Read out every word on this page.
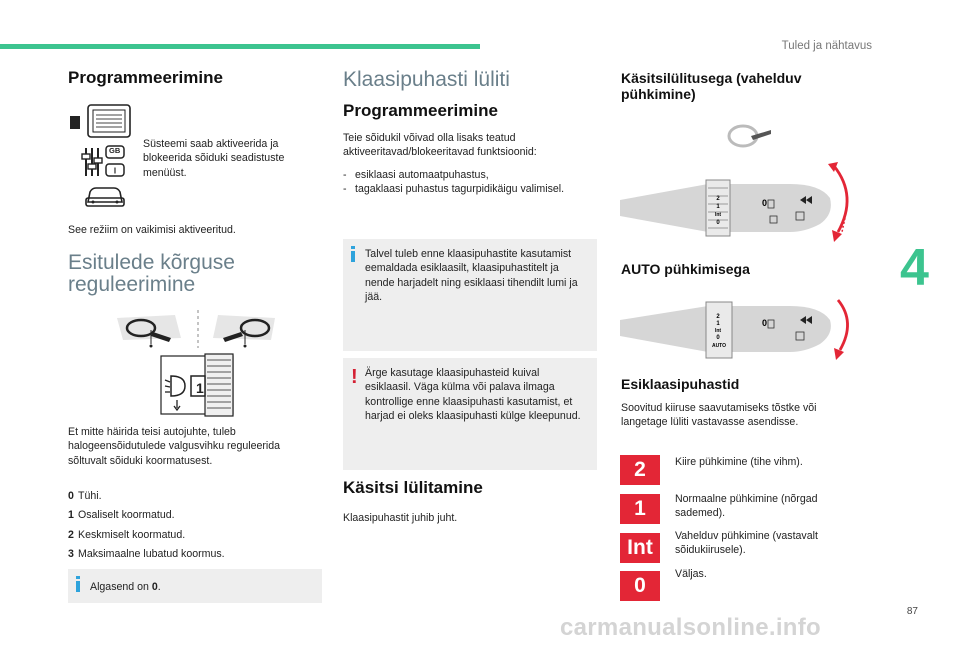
Tuled ja nähtavus
4
Programmeerimine
I
GB

Süsteemi saab aktiveerida ja blokeerida sõiduki seadistuste menüüst.

See režiim on vaikimisi aktiveeritud.

Esitulede kõrguse reguleerimine
1

Et mitte häirida teisi autojuhte, tuleb halogeensõidutulede valgusvihku reguleerida sõltuvalt sõiduki koormatusest.

0 Tühi.
1 Osaliselt koormatud.
2 Keskmiselt koormatud.
3 Maksimaalne lubatud koormus.
Algasend on 0.
Klaasipuhasti lüliti
Programmeerimine

Teie sõidukil võivad olla lisaks teatud aktiveeritavad/blokeeritavad funktsioonid:

- esiklaasi automaatpuhastus,
- tagaklaasi puhastus tagurpidikäigu valimisel.
Talvel tuleb enne klaasipuhastite kasutamist eemaldada esiklaasilt, klaasipuhastitelt ja nende harjadelt ning esiklaasi tihendilt lumi ja jää.
! Ärge kasutage klaasipuhasteid kuival esiklaasil. Väga külma või palava ilmaga kontrollige enne klaasipuhasti kasutamist, et harjad ei oleks klaasipuhasti külge kleepunud.
Käsitsi lülitamine

Klaasipuhastit juhib juht.

Käsitsilülitusega (vahelduv pühkimine)
2
1
Int
0
0
AUTO pühkimisega
2
1
Int
0
AUTO
0
Esiklaasipuhastid

Soovitud kiiruse saavutamiseks tõstke või langetage lüliti vastavasse asendisse.

2	Kiire pühkimine (tihe vihm).

1	Normaalne pühkimine (nõrgad sademed).

Int	Vahelduv pühkimine (vastavalt sõidukiirusele).

0	Väljas.

87
carmanualsonline.info
